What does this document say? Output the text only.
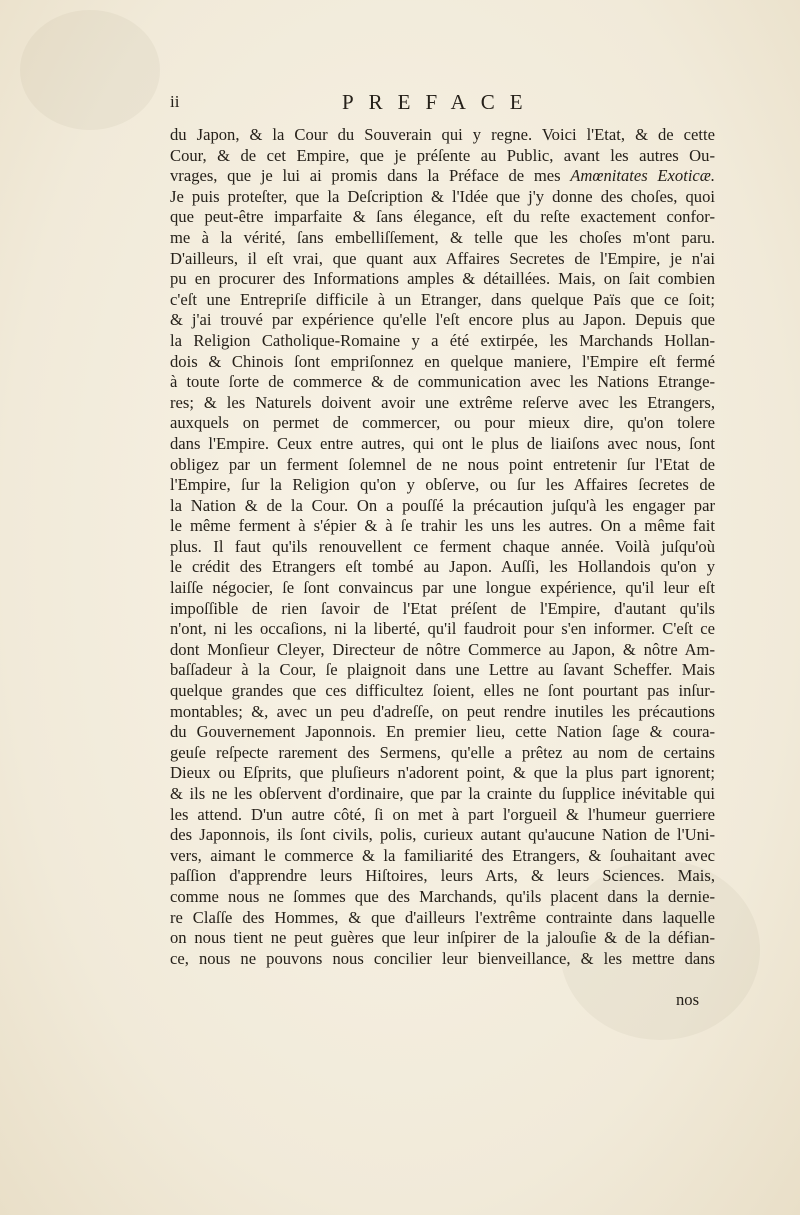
ii	PREFACE
du Japon, & la Cour du Souverain qui y regne. Voici l'Etat, & de cette
Cour, & de cet Empire, que je préſente au Public, avant les autres Ou-
vrages, que je lui ai promis dans la Préface de mes Amœnitates Exoticæ.
Je puis proteſter, que la Deſcription & l'Idée que j'y donne des choſes, quoi
que peut-être imparfaite & ſans élegance, eſt du reſte exactement confor-
me à la vérité, ſans embelliſſement, & telle que les choſes m'ont paru.
D'ailleurs, il eſt vrai, que quant aux Affaires Secretes de l'Empire, je n'ai
pu en procurer des Informations amples & détaillées. Mais, on ſait combien
c'eſt une Entrepriſe difficile à un Etranger, dans quelque Païs que ce ſoit;
& j'ai trouvé par expérience qu'elle l'eſt encore plus au Japon. Depuis que
la Religion Catholique-Romaine y a été extirpée, les Marchands Hollan-
dois & Chinois ſont empriſonnez en quelque maniere, l'Empire eſt fermé
à toute ſorte de commerce & de communication avec les Nations Etrange-
res; & les Naturels doivent avoir une extrême reſerve avec les Etrangers,
auxquels on permet de commercer, ou pour mieux dire, qu'on tolere
dans l'Empire. Ceux entre autres, qui ont le plus de liaiſons avec nous, ſont
obligez par un ferment ſolemnel de ne nous point entretenir ſur l'Etat de
l'Empire, ſur la Religion qu'on y obſerve, ou ſur les Affaires ſecretes de
la Nation & de la Cour. On a pouſſé la précaution juſqu'à les engager par
le même ferment à s'épier & à ſe trahir les uns les autres. On a même fait
plus. Il faut qu'ils renouvellent ce ferment chaque année. Voilà juſqu'où
le crédit des Etrangers eſt tombé au Japon. Auſſi, les Hollandois qu'on y
laiſſe négocier, ſe ſont convaincus par une longue expérience, qu'il leur eſt
impoſſible de rien ſavoir de l'Etat préſent de l'Empire, d'autant qu'ils
n'ont, ni les occaſions, ni la liberté, qu'il faudroit pour s'en informer. C'eſt ce
dont Monſieur Cleyer, Directeur de nôtre Commerce au Japon, & nôtre Am-
baſſadeur à la Cour, ſe plaignoit dans une Lettre au ſavant Scheffer. Mais
quelque grandes que ces difficultez ſoient, elles ne ſont pourtant pas inſur-
montables; &, avec un peu d'adreſſe, on peut rendre inutiles les précautions
du Gouvernement Japonnois. En premier lieu, cette Nation ſage & coura-
geuſe reſpecte rarement des Sermens, qu'elle a prêtez au nom de certains
Dieux ou Eſprits, que pluſieurs n'adorent point, & que la plus part ignorent;
& ils ne les obſervent d'ordinaire, que par la crainte du ſupplice inévitable qui
les attend. D'un autre côté, ſi on met à part l'orgueil & l'humeur guerriere
des Japonnois, ils ſont civils, polis, curieux autant qu'aucune Nation de l'Uni-
vers, aimant le commerce & la familiarité des Etrangers, & ſouhaitant avec
paſſion d'apprendre leurs Hiſtoires, leurs Arts, & leurs Sciences. Mais,
comme nous ne ſommes que des Marchands, qu'ils placent dans la dernie-
re Claſſe des Hommes, & que d'ailleurs l'extrême contrainte dans laquelle
on nous tient ne peut guères que leur inſpirer de la jalouſie & de la défian-
ce, nous ne pouvons nous concilier leur bienveillance, & les mettre dans
nos
